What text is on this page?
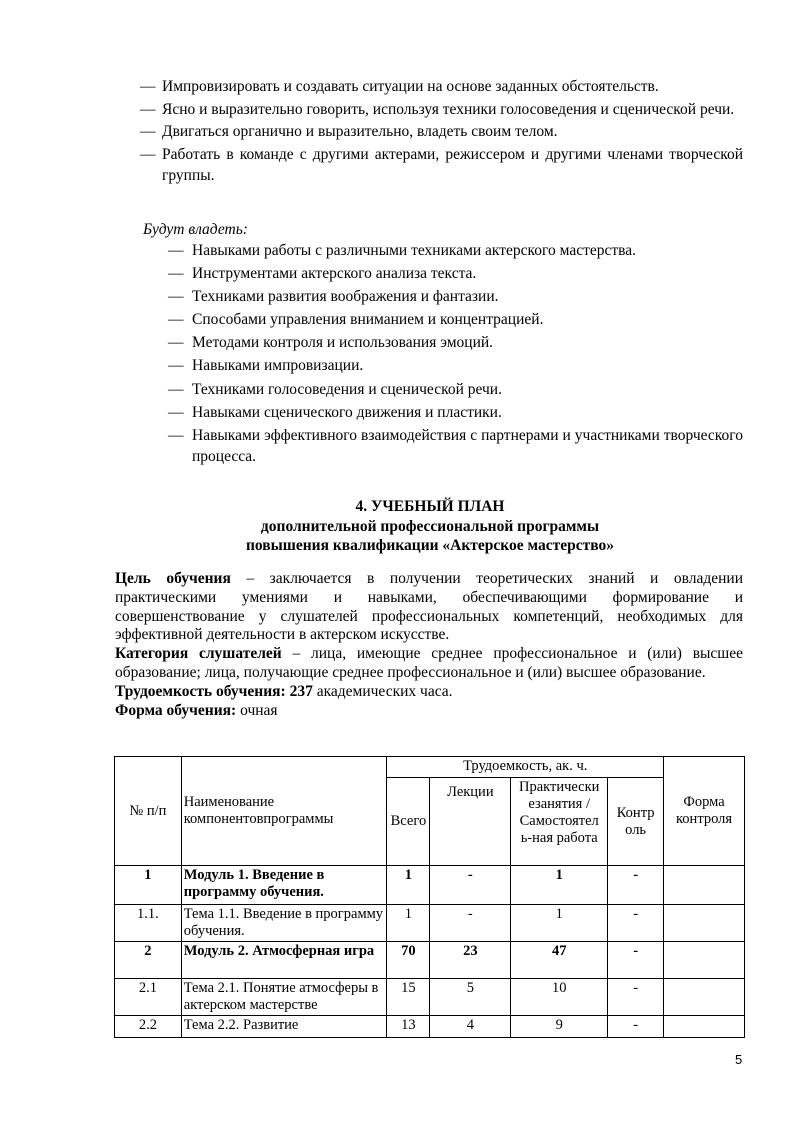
— Импровизировать и создавать ситуации на основе заданных обстоятельств.
— Ясно и выразительно говорить, используя техники голосоведения и сценической речи.
— Двигаться органично и выразительно, владеть своим телом.
— Работать в команде с другими актерами, режиссером и другими членами творческой группы.
Будут владеть:
— Навыками работы с различными техниками актерского мастерства.
— Инструментами актерского анализа текста.
— Техниками развития воображения и фантазии.
— Способами управления вниманием и концентрацией.
— Методами контроля и использования эмоций.
— Навыками импровизации.
— Техниками голосоведения и сценической речи.
— Навыками сценического движения и пластики.
— Навыками эффективного взаимодействия с партнерами и участниками творческого процесса.
4. УЧЕБНЫЙ ПЛАН
дополнительной профессиональной программы
повышения квалификации «Актерское мастерство»

Цель обучения – заключается в получении теоретических знаний и овладении практическими умениями и навыками, обеспечивающими формирование и совершенствование у слушателей профессиональных компетенций, необходимых для эффективной деятельности в актерском искусстве.

Категория слушателей – лица, имеющие среднее профессиональное и (или) высшее образование; лица, получающие среднее профессиональное и (или) высшее образование.

Трудоемкость обучения: 237 академических часа.

Форма обучения: очная

№ п/п	Наименование компонентовпрограммы	Трудоемкость, ак. ч.				Форма контроля
		Всего	Лекции	Практически езанятия / Самостоятел ь-ная работа	Контр оль	
1	Модуль 1. Введение в программу обучения.	1	-	1	-	
1.1.	Тема 1.1. Введение в программу обучения.	1	-	1	-	
2	Модуль 2. Атмосферная игра	70	23	47	-	
2.1	Тема 2.1. Понятие атмосферы в актерском мастерстве	15	5	10	-	
2.2	Тема 2.2. Развитие	13	4	9	-	
5
